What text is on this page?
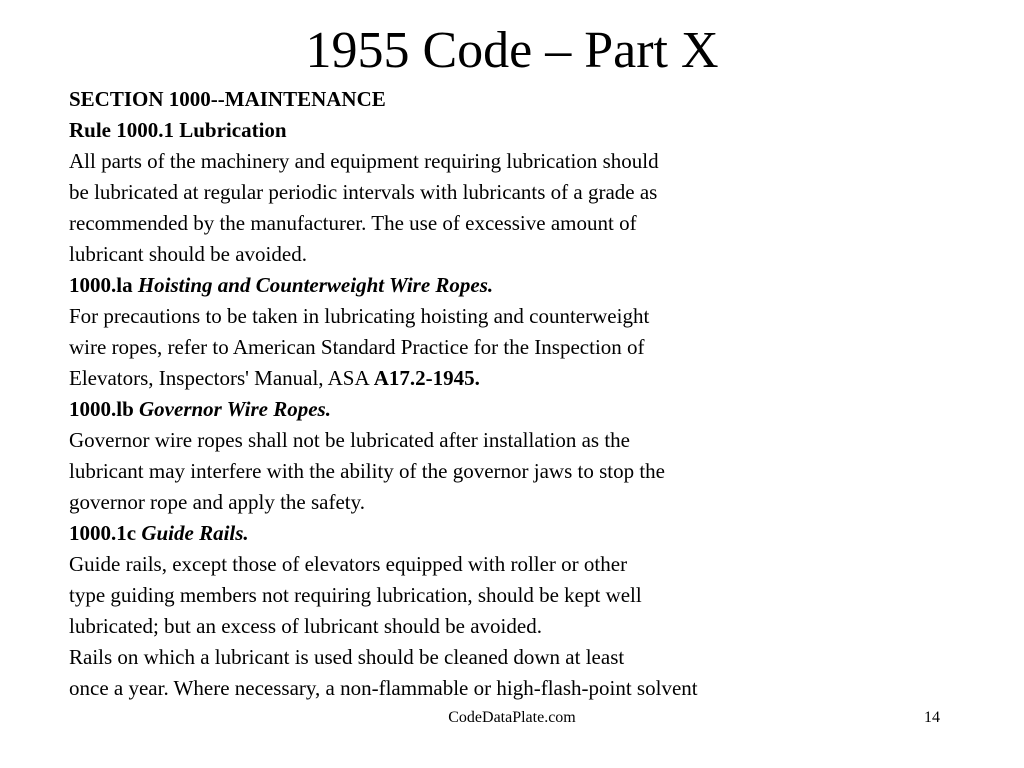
1955 Code – Part X

SECTION 1000--MAINTENANCE

Rule 1000.1 Lubrication

All parts of the machinery and equipment requiring lubrication should

be lubricated at regular periodic intervals with lubricants of a grade as

recommended by the manufacturer. The use of excessive amount of

lubricant should be avoided.

1000.la Hoisting and Counterweight Wire Ropes.

For precautions to be taken in lubricating hoisting and counterweight

wire ropes, refer to American Standard Practice for the Inspection of

Elevators, Inspectors' Manual, ASA A17.2-1945.

1000.lb Governor Wire Ropes.

Governor wire ropes shall not be lubricated after installation as the

lubricant may interfere with the ability of the governor jaws to stop the

governor rope and apply the safety.

1000.1c Guide Rails.

Guide rails, except those of elevators equipped with roller or other

type guiding members not requiring lubrication, should be kept well

lubricated; but an excess of lubricant should be avoided.

Rails on which a lubricant is used should be cleaned down at least

once a year. Where necessary, a non-flammable or high-flash-point solvent

CodeDataPlate.com	14
